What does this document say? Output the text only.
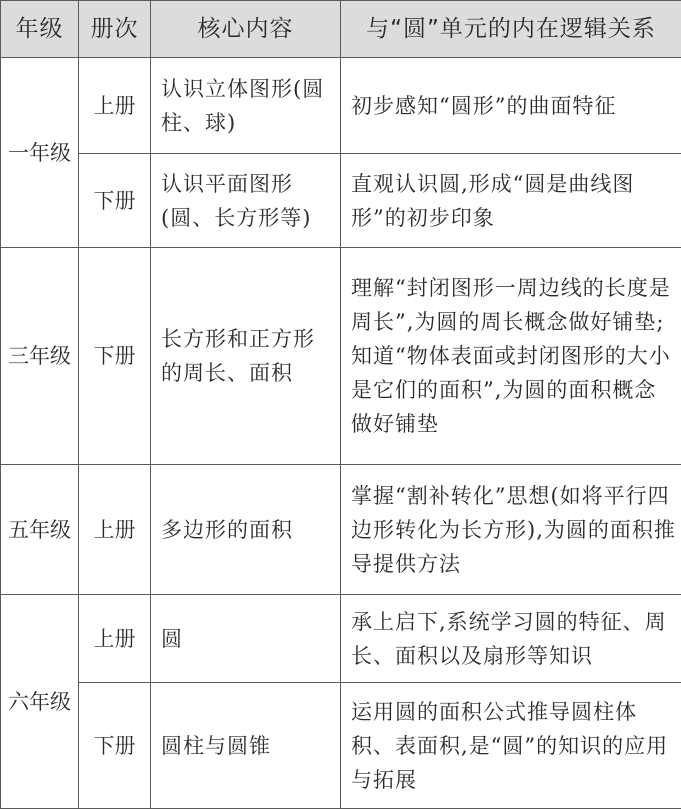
年级	册次	核心内容	与“圆”单元的内在逻辑关系
一年级	上册	认识立体图形(圆柱、球)	初步感知“圆形”的曲面特征
	下册	认识平面图形(圆、长方形等)	直观认识圆,形成“圆是曲线图形”的初步印象
三年级	下册	长方形和正方形的周长、面积	理解“封闭图形一周边线的长度是周长”,为圆的周长概念做好铺垫;知道“物体表面或封闭图形的大小是它们的面积”,为圆的面积概念做好铺垫
五年级	上册	多边形的面积	掌握“割补转化”思想(如将平行四边形转化为长方形),为圆的面积推导提供方法
六年级	上册	圆	承上启下,系统学习圆的特征、周长、面积以及扇形等知识
	下册	圆柱与圆锥	运用圆的面积公式推导圆柱体积、表面积,是“圆”的知识的应用与拓展
